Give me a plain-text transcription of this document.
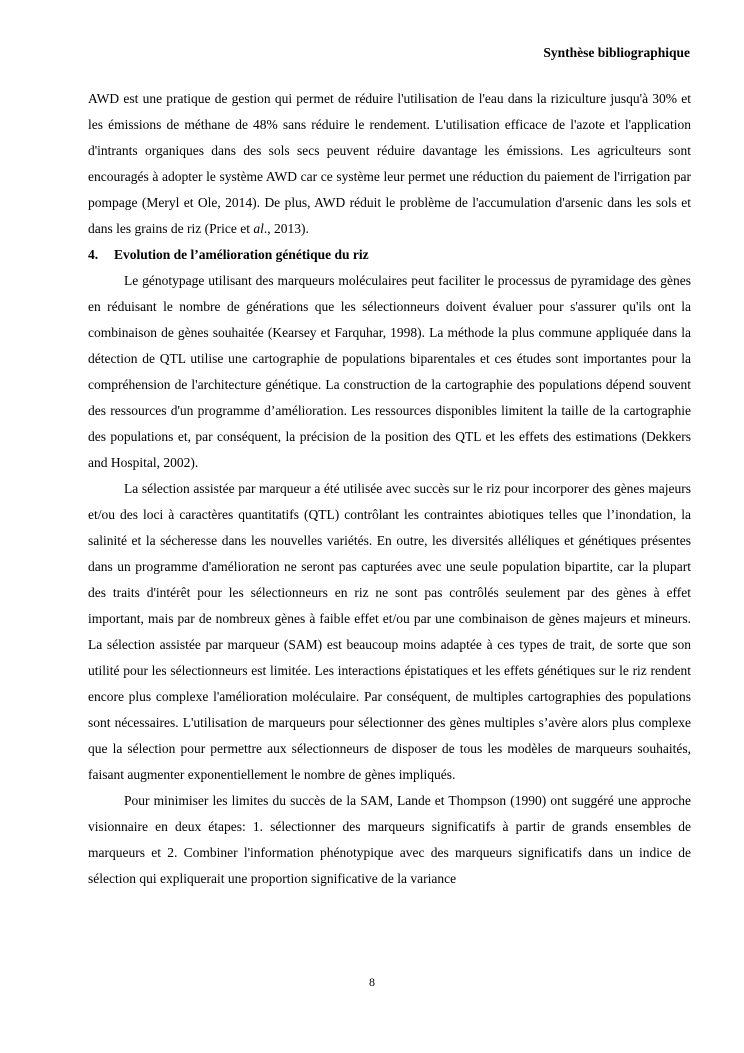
Synthèse bibliographique

AWD est une pratique de gestion qui permet de réduire l'utilisation de l'eau dans la riziculture jusqu'à 30% et les émissions de méthane de 48% sans réduire le rendement. L'utilisation efficace de l'azote et l'application d'intrants organiques dans des sols secs peuvent réduire davantage les émissions. Les agriculteurs sont encouragés à adopter le système AWD car ce système leur permet une réduction du paiement de l'irrigation par pompage (Meryl et Ole, 2014). De plus, AWD réduit le problème de l'accumulation d'arsenic dans les sols et dans les grains de riz (Price et al., 2013).

4. Evolution de l’amélioration génétique du riz

Le génotypage utilisant des marqueurs moléculaires peut faciliter le processus de pyramidage des gènes en réduisant le nombre de générations que les sélectionneurs doivent évaluer pour s'assurer qu'ils ont la combinaison de gènes souhaitée (Kearsey et Farquhar, 1998). La méthode la plus commune appliquée dans la détection de QTL utilise une cartographie de populations biparentales et ces études sont importantes pour la compréhension de l'architecture génétique. La construction de la cartographie des populations dépend souvent des ressources d'un programme d’amélioration. Les ressources disponibles limitent la taille de la cartographie des populations et, par conséquent, la précision de la position des QTL et les effets des estimations (Dekkers and Hospital, 2002).

La sélection assistée par marqueur a été utilisée avec succès sur le riz pour incorporer des gènes majeurs et/ou des loci à caractères quantitatifs (QTL) contrôlant les contraintes abiotiques telles que l’inondation, la salinité et la sécheresse dans les nouvelles variétés. En outre, les diversités alléliques et génétiques présentes dans un programme d'amélioration ne seront pas capturées avec une seule population bipartite, car la plupart des traits d'intérêt pour les sélectionneurs en riz ne sont pas contrôlés seulement par des gènes à effet important, mais par de nombreux gènes à faible effet et/ou par une combinaison de gènes majeurs et mineurs. La sélection assistée par marqueur (SAM) est beaucoup moins adaptée à ces types de trait, de sorte que son utilité pour les sélectionneurs est limitée. Les interactions épistatiques et les effets génétiques sur le riz rendent encore plus complexe l'amélioration moléculaire. Par conséquent, de multiples cartographies des populations sont nécessaires. L'utilisation de marqueurs pour sélectionner des gènes multiples s’avère alors plus complexe que la sélection pour permettre aux sélectionneurs de disposer de tous les modèles de marqueurs souhaités, faisant augmenter exponentiellement le nombre de gènes impliqués.

Pour minimiser les limites du succès de la SAM, Lande et Thompson (1990) ont suggéré une approche visionnaire en deux étapes: 1. sélectionner des marqueurs significatifs à partir de grands ensembles de marqueurs et 2. Combiner l'information phénotypique avec des marqueurs significatifs dans un indice de sélection qui expliquerait une proportion significative de la variance

8
